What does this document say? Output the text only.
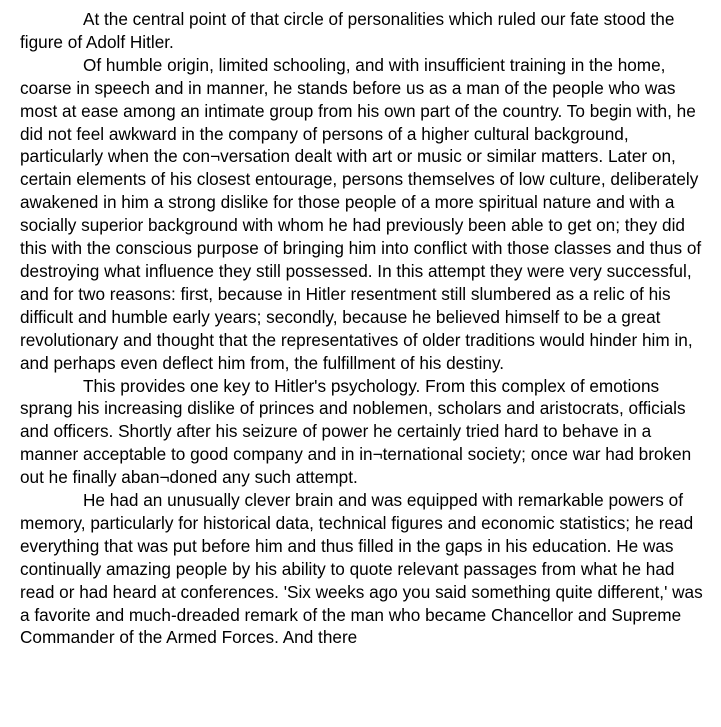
At the central point of that circle of personalities which ruled our fate stood the figure of Adolf Hitler.

Of humble origin, limited schooling, and with insufficient training in the home, coarse in speech and in manner, he stands before us as a man of the people who was most at ease among an intimate group from his own part of the country. To begin with, he did not feel awkward in the company of persons of a higher cultural background, particularly when the con¬versation dealt with art or music or similar matters. Later on, certain elements of his closest entourage, persons themselves of low culture, deliberately awakened in him a strong dislike for those people of a more spiritual nature and with a socially superior background with whom he had previously been able to get on; they did this with the conscious purpose of bringing him into conflict with those classes and thus of destroying what influence they still possessed. In this attempt they were very successful, and for two reasons: first, because in Hitler resentment still slumbered as a relic of his difficult and humble early years; secondly, because he believed himself to be a great revolutionary and thought that the representatives of older traditions would hinder him in, and perhaps even deflect him from, the fulfillment of his destiny.

This provides one key to Hitler's psychology. From this complex of emotions sprang his increasing dislike of princes and noblemen, scholars and aristocrats, officials and officers. Shortly after his seizure of power he certainly tried hard to behave in a manner acceptable to good company and in in¬ternational society; once war had broken out he finally aban¬doned any such attempt.

He had an unusually clever brain and was equipped with remarkable powers of memory, particularly for historical data, technical figures and economic statistics; he read everything that was put before him and thus filled in the gaps in his education. He was continually amazing people by his ability to quote relevant passages from what he had read or had heard at conferences. 'Six weeks ago you said something quite different,' was a favorite and much-dreaded remark of the man who became Chancellor and Supreme Commander of the Armed Forces. And there
